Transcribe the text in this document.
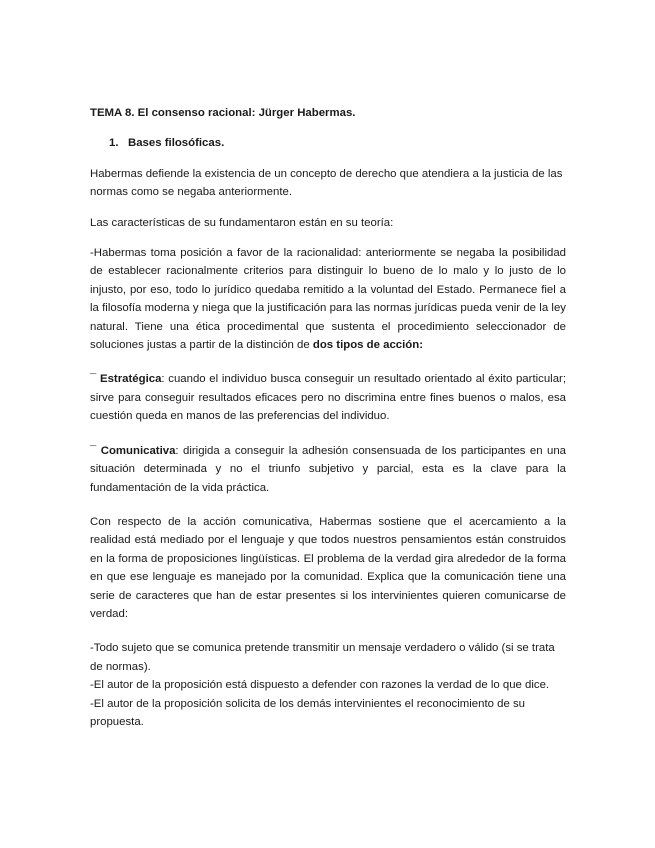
TEMA 8. El consenso racional: Jürger Habermas.

1. Bases filosóficas.

Habermas defiende la existencia de un concepto de derecho que atendiera a la justicia de las normas como se negaba anteriormente.

Las características de su fundamentaron están en su teoría:

-Habermas toma posición a favor de la racionalidad: anteriormente se negaba la posibilidad de establecer racionalmente criterios para distinguir lo bueno de lo malo y lo justo de lo injusto, por eso, todo lo jurídico quedaba remitido a la voluntad del Estado. Permanece fiel a la filosofía moderna y niega que la justificación para las normas jurídicas pueda venir de la ley natural. Tiene una ética procedimental que sustenta el procedimiento seleccionador de soluciones justas a partir de la distinción de dos tipos de acción:

¯ Estratégica: cuando el individuo busca conseguir un resultado orientado al éxito particular; sirve para conseguir resultados eficaces pero no discrimina entre fines buenos o malos, esa cuestión queda en manos de las preferencias del individuo.

¯ Comunicativa: dirigida a conseguir la adhesión consensuada de los participantes en una situación determinada y no el triunfo subjetivo y parcial, esta es la clave para la fundamentación de la vida práctica.

Con respecto de la acción comunicativa, Habermas sostiene que el acercamiento a la realidad está mediado por el lenguaje y que todos nuestros pensamientos están construidos en la forma de proposiciones lingüísticas. El problema de la verdad gira alrededor de la forma en que ese lenguaje es manejado por la comunidad. Explica que la comunicación tiene una serie de caracteres que han de estar presentes si los intervinientes quieren comunicarse de verdad:

-Todo sujeto que se comunica pretende transmitir un mensaje verdadero o válido (si se trata de normas).

-El autor de la proposición está dispuesto a defender con razones la verdad de lo que dice.

-El autor de la proposición solicita de los demás intervinientes el reconocimiento de su propuesta.
